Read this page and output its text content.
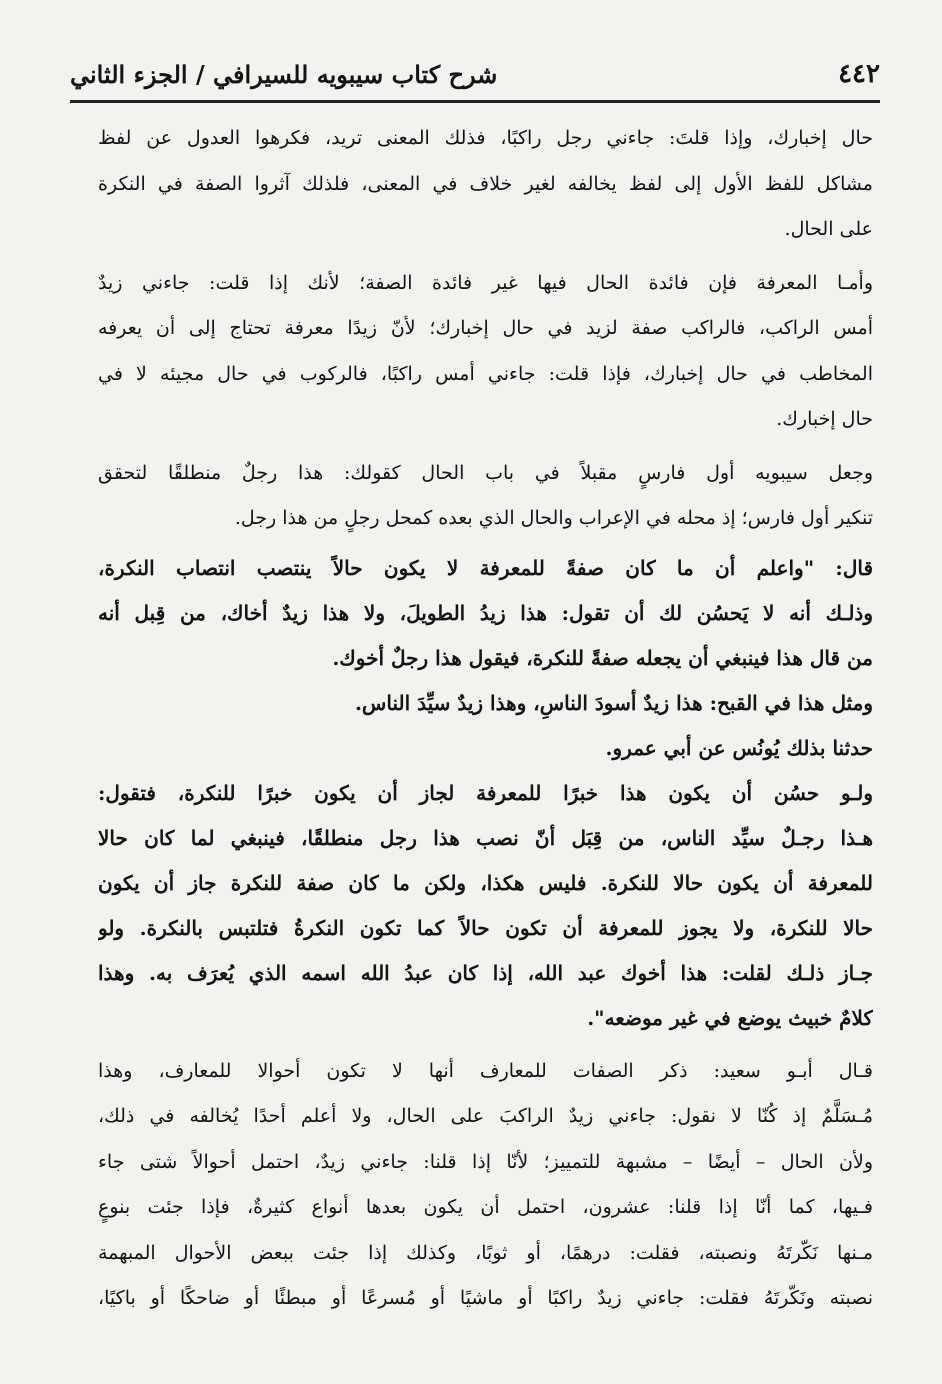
٤٤٢
شرح كتاب سيبويه للسيرافي / الجزء الثاني
حال إخبارك، وإذا قلتَ: جاءني رجل راكبًا، فذلك المعنى تريد، فكرهوا العدول عن لفظ
مشاكل للفظ الأول إلى لفظ يخالفه لغير خلاف في المعنى، فلذلك آثروا الصفة في النكرة
على الحال.
وأمـا المعرفة فإن فائدة الحال فيها غير فائدة الصفة؛ لأنك إذا قلت: جاءني زيدٌ
أمس الراكب، فالراكب صفة لزيد في حال إخبارك؛ لأنّ زيدًا معرفة تحتاج إلى أن يعرفه
المخاطب في حال إخبارك، فإذا قلت: جاءني أمس راكبًا، فالركوب في حال مجيئه لا في
حال إخبارك.
وجعل سيبويه أول فارسٍ مقبلاً في باب الحال كقولك: هذا رجلٌ منطلقًا لتحقق
تنكير أول فارس؛ إذ محله في الإعراب والحال الذي بعده كمحل رجلٍ من هذا رجل.
قال: "واعلم أن ما كان صفةً للمعرفة لا يكون حالاً ينتصب انتصاب النكرة،
وذلـك أنه لا يَحسُن لك أن تقول: هذا زيدُ الطويلَ، ولا هذا زيدٌ أخاك، من قِبل أنه
من قال هذا فينبغي أن يجعله صفةً للنكرة، فيقول هذا رجلٌ أخوك.
ومثل هذا في القبح: هذا زيدٌ أسودَ الناسِ، وهذا زيدٌ سيِّدَ الناس.
حدثنا بذلك يُونُس عن أبي عمرو.
ولـو حسُن أن يكون هذا خبرًا للمعرفة لجاز أن يكون خبرًا للنكرة، فتقول:
هـذا رجـلٌ سيِّد الناس، من قِبَل أنّ نصب هذا رجل منطلقًا، فينبغي لما كان حالا
للمعرفة أن يكون حالا للنكرة. فليس هكذا، ولكن ما كان صفة للنكرة جاز أن يكون
حالا للنكرة، ولا يجوز للمعرفة أن تكون حالاً كما تكون النكرةُ فتلتبس بالنكرة. ولو
جـاز ذلـك لقلت: هذا أخوك عبد الله، إذا كان عبدُ الله اسمه الذي يُعرَف به. وهذا
كلامٌ خبيث يوضع في غير موضعه".
قـال أبـو سعيد: ذكر الصفات للمعارف أنها لا تكون أحوالا للمعارف، وهذا
مُـسَلَّمٌ إذ كُنّا لا نقول: جاءني زيدٌ الراكبَ على الحال، ولا أعلم أحدًا يُخالفه في ذلك،
ولأن الحال – أيضًا – مشبهة للتمييز؛ لأنّا إذا قلنا: جاءني زيدٌ، احتمل أحوالاً شتى جاء
فـيها، كما أنّا إذا قلنا: عشرون، احتمل أن يكون بعدها أنواع كثيرةٌ، فإذا جئت بنوعٍ
مـنها نَكّرتَهُ ونصبته، فقلت: درهمًا، أو ثوبًا، وكذلك إذا جئت ببعض الأحوال المبهمة
نصبته ونَكّرتَهُ فقلت: جاءني زيدٌ راكبًا أو ماشيًا أو مُسرعًا أو مبطئًا أو ضاحكًا أو باكيًا،
